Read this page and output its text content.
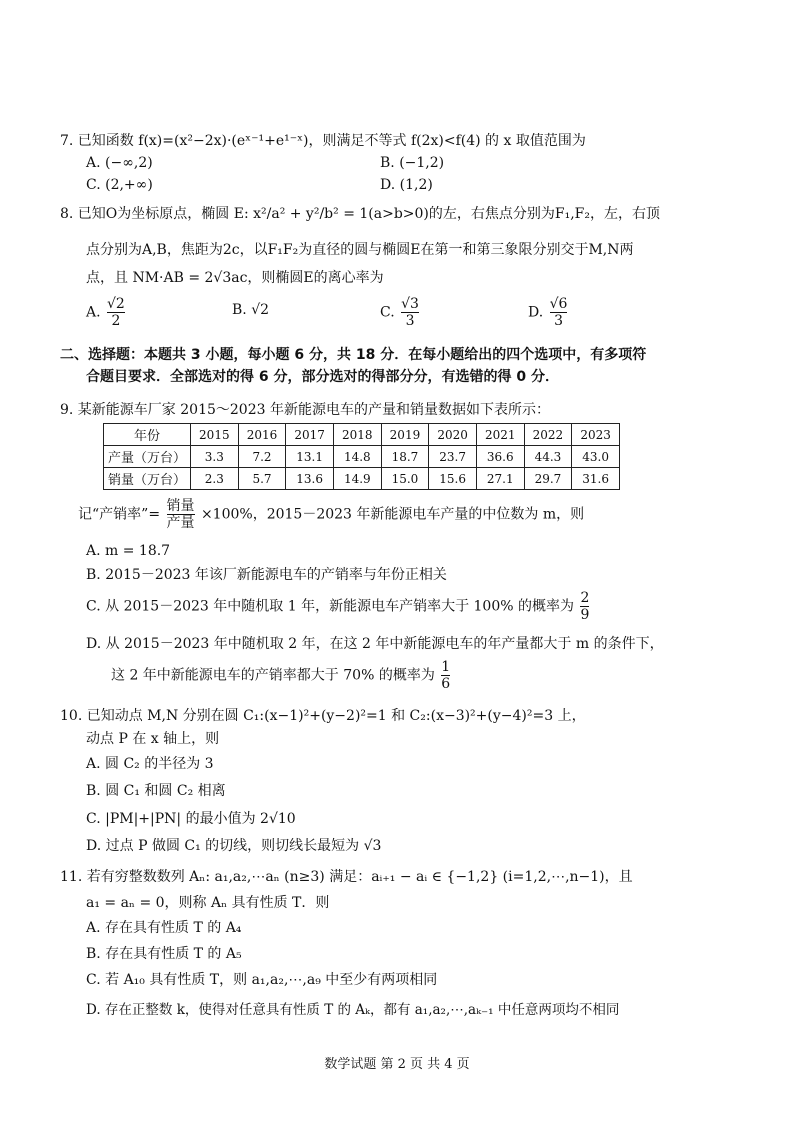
7. 已知函数 f(x)=(x²−2x)·(eˣ⁻¹+e¹⁻ˣ)，则满足不等式 f(2x)<f(4) 的 x 取值范围为
A. (−∞,2)	B. (−1,2)
C. (2,+∞)	D. (1,2)
8. 已知O为坐标原点，椭圆 E: x²/a² + y²/b² = 1(a>b>0)的左，右焦点分别为F₁,F₂，左，右顶
点分别为A,B，焦距为2c，以F₁F₂为直径的圆与椭圆E在第一和第三象限分别交于M,N两
点，且 NM·AB = 2√3ac，则椭圆E的离心率为
A. $\frac{√2}{2}$	B. √2	C. $\frac{√3}{3}$	D. $\frac{√6}{3}$
二、选择题：本题共 3 小题，每小题 6 分，共 18 分．在每小题给出的四个选项中，有多项符
合题目要求．全部选对的得 6 分，部分选对的得部分分，有选错的得 0 分．
9. 某新能源车厂家 2015～2023 年新能源电车的产量和销量数据如下表所示：
年份	2015	2016	2017	2018	2019	2020	2021	2022	2023
产量（万台）	3.3	7.2	13.1	14.8	18.7	23.7	36.6	44.3	43.0
销量（万台）	2.3	5.7	13.6	14.9	15.0	15.6	27.1	29.7	31.6
记“产销率”= $\frac{\text{销量}}{\text{产量}} \times 100\%$，2015－2023 年新能源电车产量的中位数为 m，则
A. m = 18.7
B. 2015－2023 年该厂新能源电车的产销率与年份正相关
C. 从 2015－2023 年中随机取 1 年，新能源电车产销率大于 100% 的概率为 $\frac{2}{9}$
D. 从 2015－2023 年中随机取 2 年，在这 2 年中新能源电车的年产量都大于 m 的条件下，
这 2 年中新能源电车的产销率都大于 70% 的概率为 $\frac{1}{6}$
10. 已知动点 M,N 分别在圆 C₁:(x−1)²+(y−2)²=1 和 C₂:(x−3)²+(y−4)²=3 上，
动点 P 在 x 轴上，则
A. 圆 C₂ 的半径为 3
B. 圆 C₁ 和圆 C₂ 相离
C. |PM|+|PN| 的最小值为 2√10
D. 过点 P 做圆 C₁ 的切线，则切线长最短为 √3
11. 若有穷整数数列 Aₙ: a₁,a₂,⋯aₙ (n≥3) 满足：aᵢ₊₁ − aᵢ ∈ {−1,2} (i=1,2,⋯,n−1)，且
a₁ = aₙ = 0，则称 Aₙ 具有性质 T．则
A. 存在具有性质 T 的 A₄
B. 存在具有性质 T 的 A₅
C. 若 A₁₀ 具有性质 T，则 a₁,a₂,⋯,a₉ 中至少有两项相同
D. 存在正整数 k，使得对任意具有性质 T 的 Aₖ，都有 a₁,a₂,⋯,aₖ₋₁ 中任意两项均不相同
数学试题 第 2 页 共 4 页
